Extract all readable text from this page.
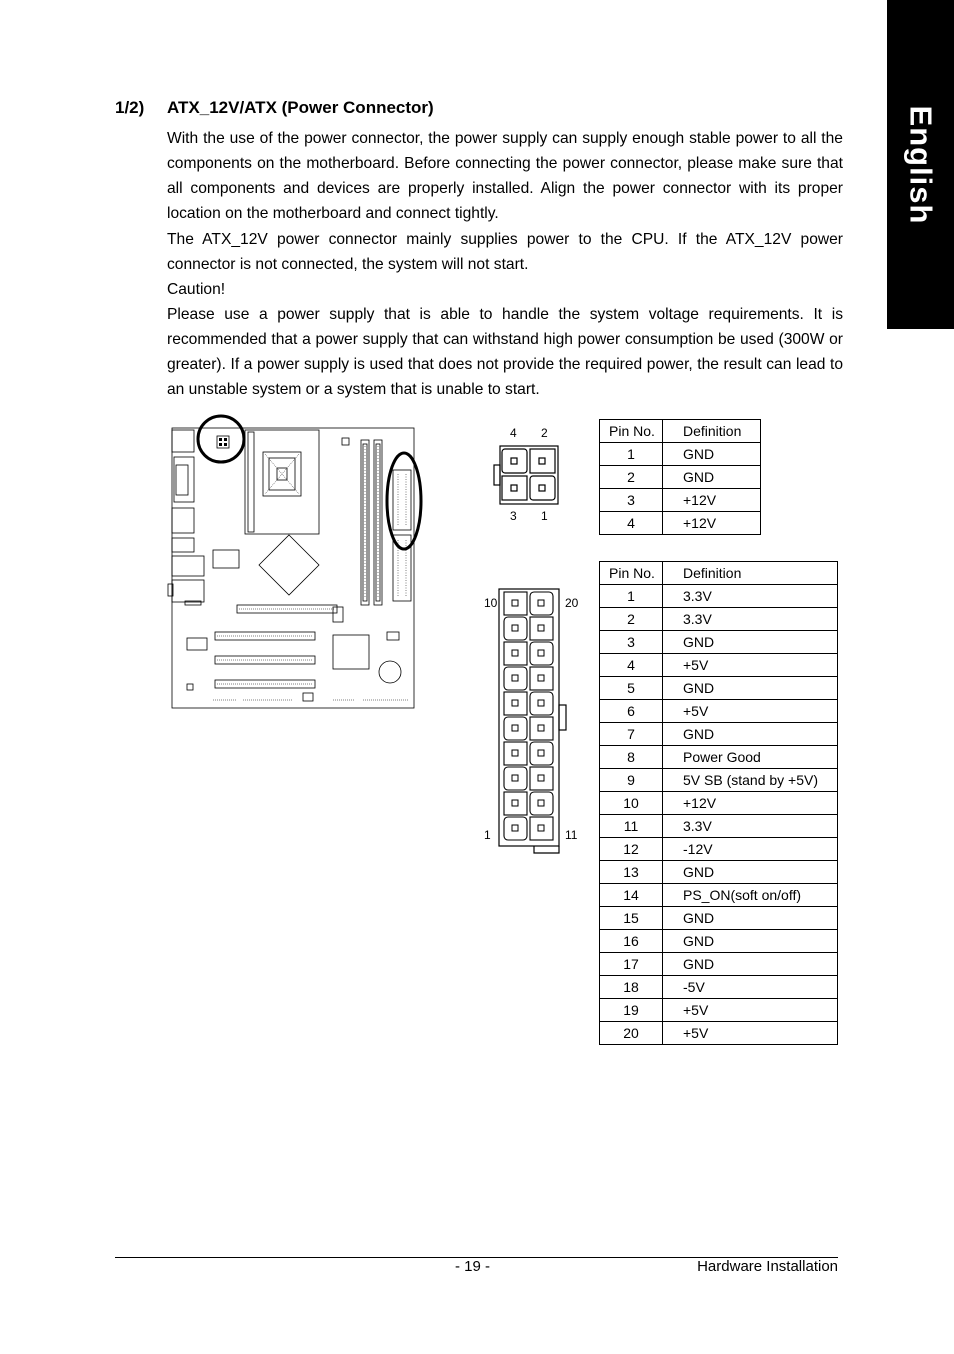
English
1/2) ATX_12V/ATX (Power Connector)

With the use of the power connector, the power supply can supply enough stable power to all the components on the motherboard. Before connecting the power connector, please make sure that all components and devices are properly installed. Align the power connector with its proper location on the motherboard and connect tightly.

The ATX_12V power connector mainly supplies power to the CPU. If the ATX_12V power connector is not connected, the system will not start.

Caution!

Please use a power supply that is able to handle the system voltage requirements. It is recommended that a power supply that can withstand high power consumption be used (300W or greater). If a power supply is used that does not provide the required power, the result can lead to an unstable system or a system that is unable to start.

4 2
3 1
10	20
1	11
Pin No.	Definition
1	GND
2	GND
3	+12V
4	+12V
Pin No.	Definition
1	3.3V
2	3.3V
3	GND
4	+5V
5	GND
6	+5V
7	GND
8	Power Good
9	5V SB (stand by +5V)
10	+12V
11	3.3V
12	-12V
13	GND
14	PS_ON(soft on/off)
15	GND
16	GND
17	GND
18	-5V
19	+5V
20	+5V
- 19 -	Hardware Installation
